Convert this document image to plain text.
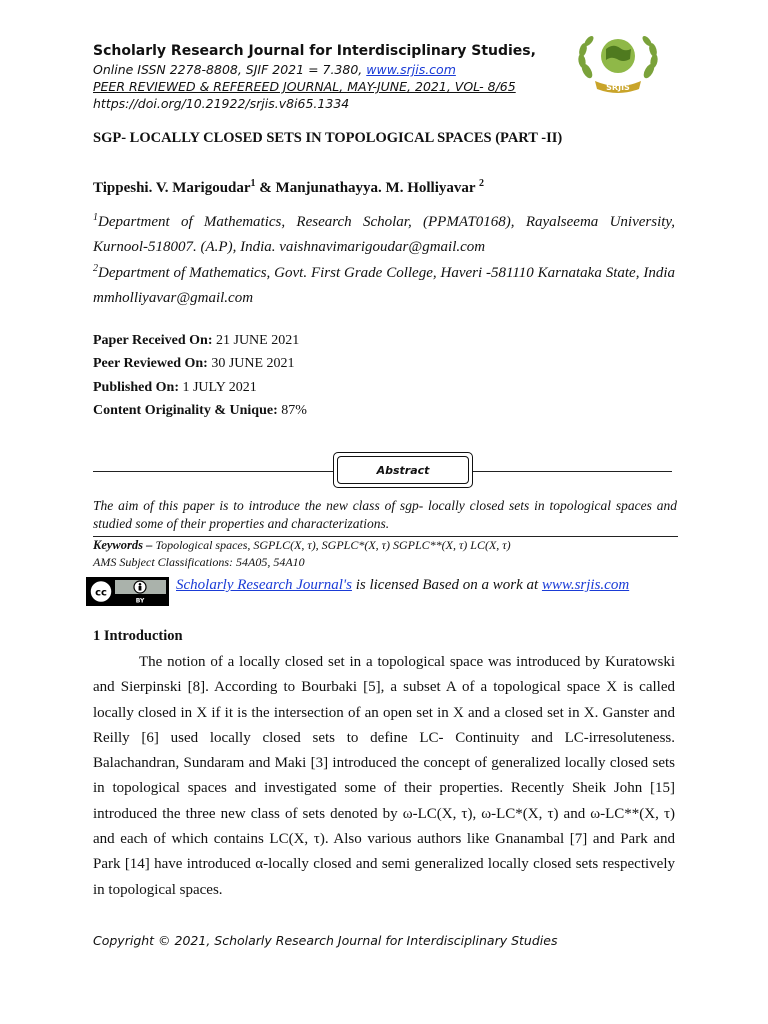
Scholarly Research Journal for Interdisciplinary Studies,
Online ISSN 2278-8808, SJIF 2021 = 7.380, www.srjis.com
PEER REVIEWED & REFEREED JOURNAL, MAY-JUNE, 2021, VOL- 8/65
https://doi.org/10.21922/srjis.v8i65.1334
SRJIS
SGP- LOCALLY CLOSED SETS IN TOPOLOGICAL SPACES (PART -II)
Tippeshi. V. Marigoudar$^1$ & Manjunathayya. M. Holliyavar $^2$
$^1$Department of Mathematics, Research Scholar, (PPMAT0168), Rayalseema University, Kurnool-518007. (A.P), India. vaishnavimarigoudar@gmail.com
$^2$Department of Mathematics, Govt. First Grade College, Haveri -581110 Karnataka State, India mmholliyavar@gmail.com
Paper Received On: 21 JUNE 2021
Peer Reviewed On: 30 JUNE 2021
Published On: 1 JULY 2021
Content Originality & Unique: 87%
Abstract
The aim of this paper is to introduce the new class of sgp- locally closed sets in topological spaces and studied some of their properties and characterizations.
Keywords – Topological spaces, SGPLC(X, τ), SGPLC*(X, τ) SGPLC**(X, τ) LC(X, τ)
AMS Subject Classifications: 54A05, 54A10
cc
BY
Scholarly Research Journal's is licensed Based on a work at www.srjis.com
1 Introduction

The notion of a locally closed set in a topological space was introduced by Kuratowski and Sierpinski [8]. According to Bourbaki [5], a subset A of a topological space X is called locally closed in X if it is the intersection of an open set in X and a closed set in X. Ganster and Reilly [6] used locally closed sets to define LC- Continuity and LC-irresoluteness. Balachandran, Sundaram and Maki [3] introduced the concept of generalized locally closed sets in topological spaces and investigated some of their properties. Recently Sheik John [15] introduced the three new class of sets denoted by ω-LC(X, τ), ω-LC*(X, τ) and ω-LC**(X, τ) and each of which contains LC(X, τ). Also various authors like Gnanambal [7] and Park and Park [14] have introduced α-locally closed and semi generalized locally closed sets respectively in topological spaces.

Copyright © 2021, Scholarly Research Journal for Interdisciplinary Studies
